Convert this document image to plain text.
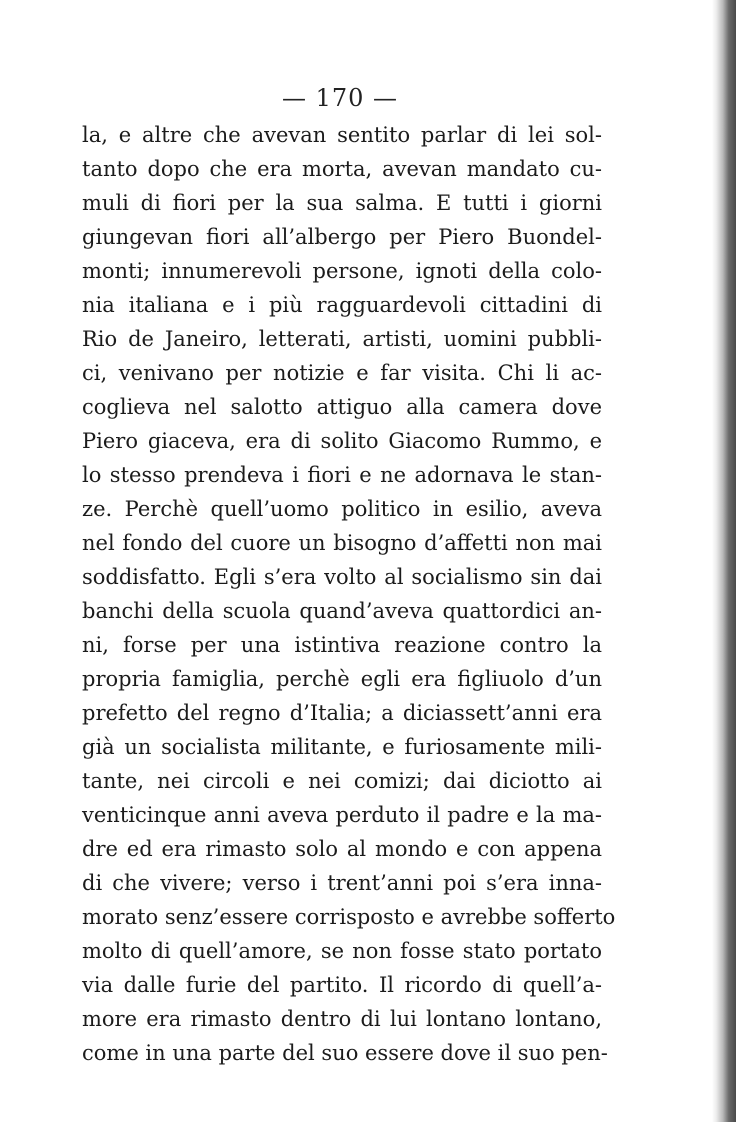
— 170 —
la, e altre che avevan sentito parlar di lei sol-
tanto dopo che era morta, avevan mandato cu-
muli di fiori per la sua salma. E tutti i giorni
giungevan fiori all’albergo per Piero Buondel-
monti; innumerevoli persone, ignoti della colo-
nia italiana e i più ragguardevoli cittadini di
Rio de Janeiro, letterati, artisti, uomini pubbli-
ci, venivano per notizie e far visita. Chi li ac-
coglieva nel salotto attiguo alla camera dove
Piero giaceva, era di solito Giacomo Rummo, e
lo stesso prendeva i fiori e ne adornava le stan-
ze. Perchè quell’uomo politico in esilio, aveva
nel fondo del cuore un bisogno d’affetti non mai
soddisfatto. Egli s’era volto al socialismo sin dai
banchi della scuola quand’aveva quattordici an-
ni, forse per una istintiva reazione contro la
propria famiglia, perchè egli era figliuolo d’un
prefetto del regno d’Italia; a diciassett’anni era
già un socialista militante, e furiosamente mili-
tante, nei circoli e nei comizi; dai diciotto ai
venticinque anni aveva perduto il padre e la ma-
dre ed era rimasto solo al mondo e con appena
di che vivere; verso i trent’anni poi s’era inna-
morato senz’essere corrisposto e avrebbe sofferto
molto di quell’amore, se non fosse stato portato
via dalle furie del partito. Il ricordo di quell’a-
more era rimasto dentro di lui lontano lontano,
come in una parte del suo essere dove il suo pen-
